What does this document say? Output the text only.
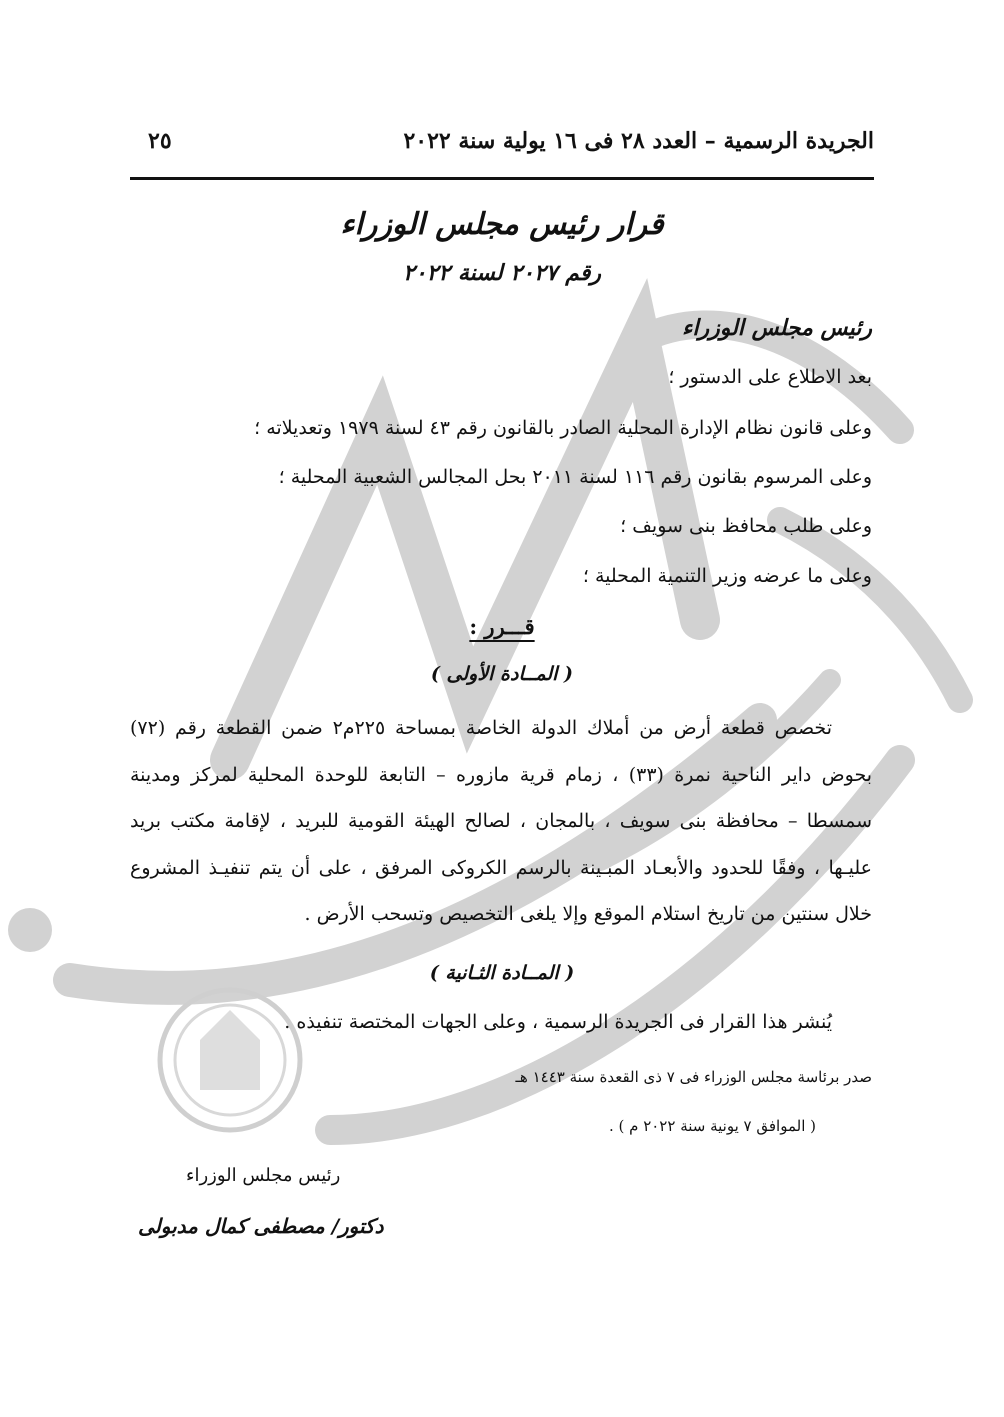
الجريدة الرسمية – العدد ٢٨ فى ١٦ يولية سنة ٢٠٢٢
٢٥
قرار رئيس مجلس الوزراء
رقم ٢٠٢٧ لسنة ٢٠٢٢
رئيس مجلس الوزراء
بعد الاطلاع على الدستور ؛
وعلى قانون نظام الإدارة المحلية الصادر بالقانون رقم ٤٣ لسنة ١٩٧٩ وتعديلاته ؛
وعلى المرسوم بقانون رقم ١١٦ لسنة ٢٠١١ بحل المجالس الشعبية المحلية ؛
وعلى طلب محافظ بنى سويف ؛
وعلى ما عرضه وزير التنمية المحلية ؛
قـــرر :
( المــادة الأولى )
تخصص قطعة أرض من أملاك الدولة الخاصة بمساحة ٢٢٥م٢ ضمن القطعة رقم (٧٢) بحوض داير الناحية نمرة (٣٣) ، زمام قرية مازوره – التابعة للوحدة المحلية لمركز ومدينة سمسطا – محافظة بنى سويف ، بالمجان ، لصالح الهيئة القومية للبريد ، لإقامة مكتب بريد عليـها ، وفقًا للحدود والأبعـاد المبـينة بالرسم الكروكى المرفق ، على أن يتم تنفيـذ المشروع خلال سنتين من تاريخ استلام الموقع وإلا يلغى التخصيص وتسحب الأرض .
( المــادة الثـانية )
يُنشر هذا القرار فى الجريدة الرسمية ، وعلى الجهات المختصة تنفيذه .
صدر برئاسة مجلس الوزراء فى ٧ ذى القعدة سنة ١٤٤٣ هـ
( الموافق ٧ يونية سنة ٢٠٢٢ م ) .
رئيس مجلس الوزراء
دكتور/ مصطفى كمال مدبولى
